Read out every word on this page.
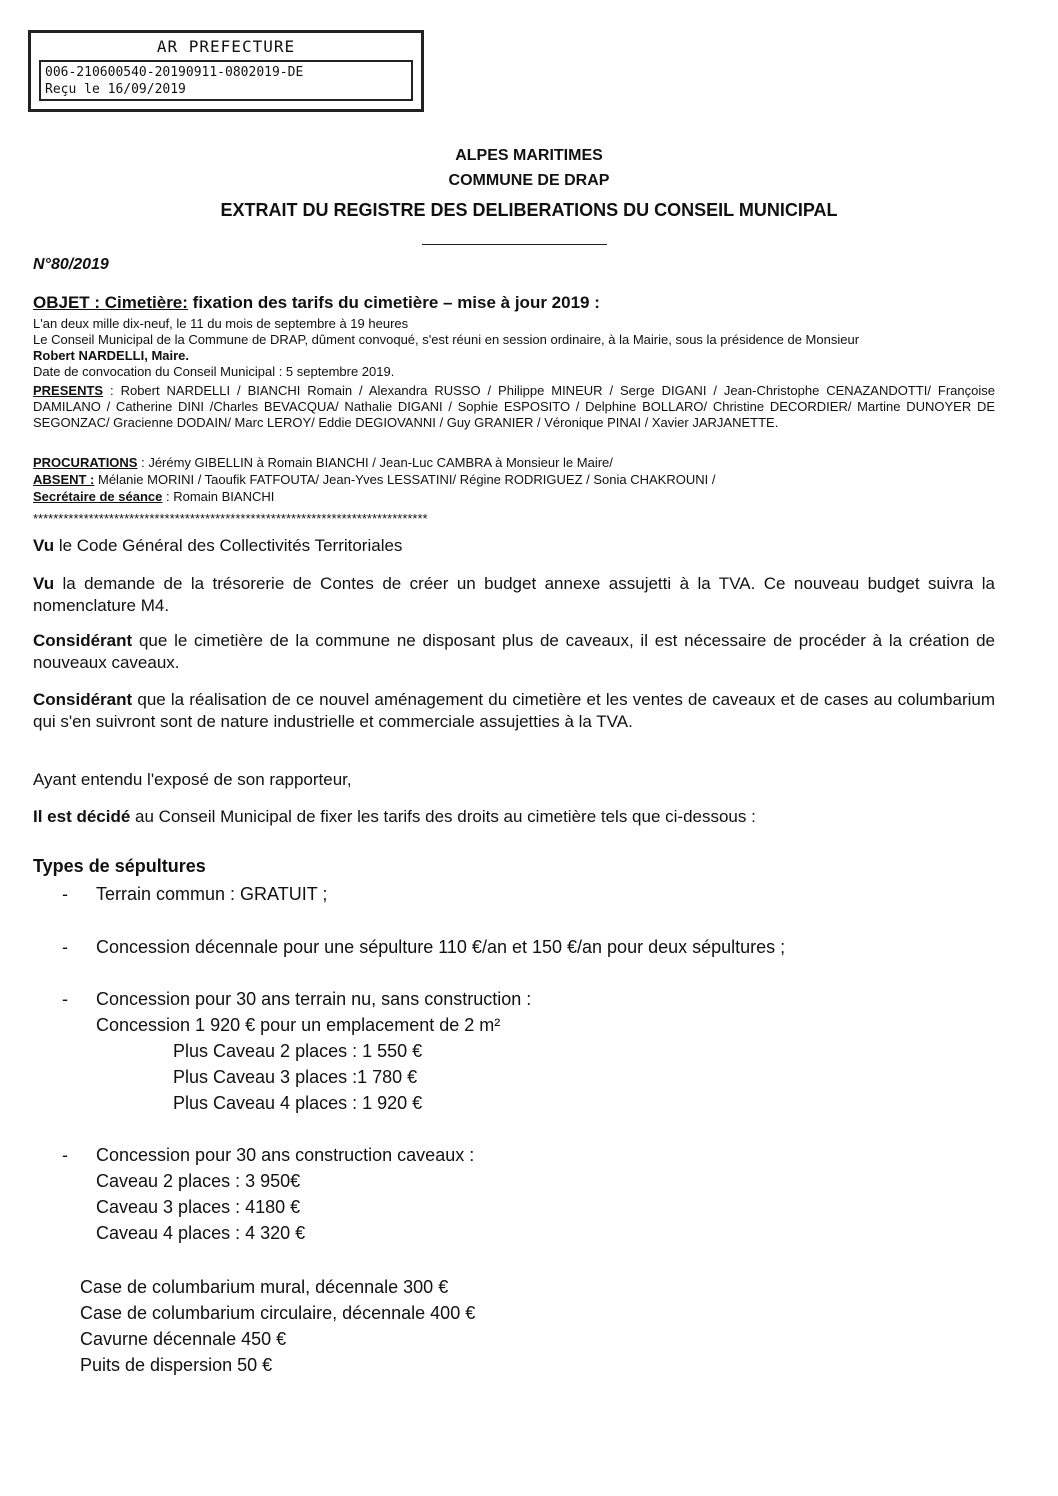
AR PREFECTURE
006-210600540-20190911-0802019-DE
Reçu le 16/09/2019
ALPES MARITIMES
COMMUNE DE DRAP
EXTRAIT DU REGISTRE DES DELIBERATIONS DU CONSEIL MUNICIPAL
N°80/2019
OBJET : Cimetière: fixation des tarifs du cimetière – mise à jour 2019 :
L'an deux mille dix-neuf, le 11 du mois de septembre à 19 heures
Le Conseil Municipal de la Commune de DRAP, dûment convoqué, s'est réuni en session ordinaire, à la Mairie, sous la présidence de Monsieur
Robert NARDELLI, Maire.
Date de convocation du Conseil Municipal : 5 septembre 2019.
PRESENTS : Robert NARDELLI / BIANCHI Romain / Alexandra RUSSO / Philippe MINEUR / Serge DIGANI / Jean-Christophe CENAZANDOTTI/ Françoise DAMILANO / Catherine DINI /Charles BEVACQUA/ Nathalie DIGANI / Sophie ESPOSITO / Delphine BOLLARO/ Christine DECORDIER/ Martine DUNOYER DE SEGONZAC/ Gracienne DODAIN/ Marc LEROY/ Eddie DEGIOVANNI / Guy GRANIER / Véronique PINAI / Xavier JARJANETTE.
PROCURATIONS : Jérémy GIBELLIN à Romain BIANCHI / Jean-Luc CAMBRA à Monsieur le Maire/
ABSENT : Mélanie MORINI / Taoufik FATFOUTA/ Jean-Yves LESSATINI/ Régine RODRIGUEZ / Sonia CHAKROUNI /
Secrétaire de séance : Romain BIANCHI
******************************************************************************
Vu le Code Général des Collectivités Territoriales
Vu la demande de la trésorerie de Contes de créer un budget annexe assujetti à la TVA. Ce nouveau budget suivra la nomenclature M4.
Considérant que le cimetière de la commune ne disposant plus de caveaux, il est nécessaire de procéder à la création de nouveaux caveaux.
Considérant que la réalisation de ce nouvel aménagement du cimetière et les ventes de caveaux et de cases au columbarium qui s'en suivront sont de nature industrielle et commerciale assujetties à la TVA.
Ayant entendu l'exposé de son rapporteur,
Il est décidé au Conseil Municipal de fixer les tarifs des droits au cimetière tels que ci-dessous :
Types de sépultures
- Terrain commun : GRATUIT ;
- Concession décennale pour une sépulture 110 €/an et 150 €/an pour deux sépultures ;
- Concession pour 30 ans terrain nu, sans construction :
Concession 1 920 € pour un emplacement de 2 m²
Plus Caveau 2 places : 1 550 €
Plus Caveau 3 places :1 780 €
Plus Caveau 4 places : 1 920 €
- Concession pour 30 ans construction caveaux :
Caveau 2 places : 3 950€
Caveau 3 places : 4180 €
Caveau 4 places : 4 320 €
Case de columbarium mural, décennale 300 €
Case de columbarium circulaire, décennale 400 €
Cavurne décennale 450 €
Puits de dispersion 50 €
